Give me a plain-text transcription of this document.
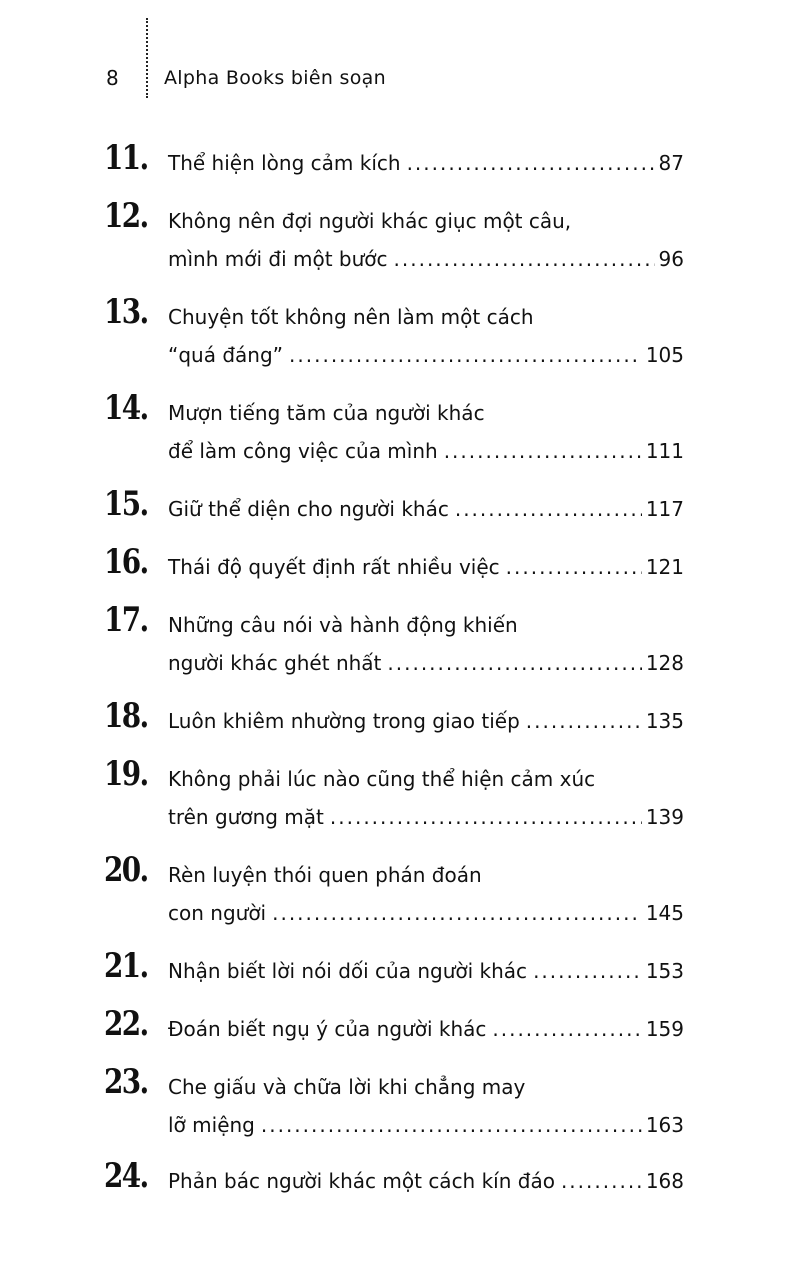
8	Alpha Books biên soạn
11. Thể hiện lòng cảm kích .....	87
12. Không nên đợi người khác giục một câu,
mình mới đi một bước .....	96
13. Chuyện tốt không nên làm một cách
“quá đáng” .....	105
14. Mượn tiếng tăm của người khác
để làm công việc của mình .....	111
15. Giữ thể diện cho người khác .....	117
16. Thái độ quyết định rất nhiều việc .....	121
17. Những câu nói và hành động khiến
người khác ghét nhất .....	128
18. Luôn khiêm nhường trong giao tiếp .....	135
19. Không phải lúc nào cũng thể hiện cảm xúc
trên gương mặt .....	139
20. Rèn luyện thói quen phán đoán
con người .....	145
21. Nhận biết lời nói dối của người khác .....	153
22. Đoán biết ngụ ý của người khác .....	159
23. Che giấu và chữa lời khi chẳng may
lỡ miệng .....	163
24. Phản bác người khác một cách kín đáo .....	168
